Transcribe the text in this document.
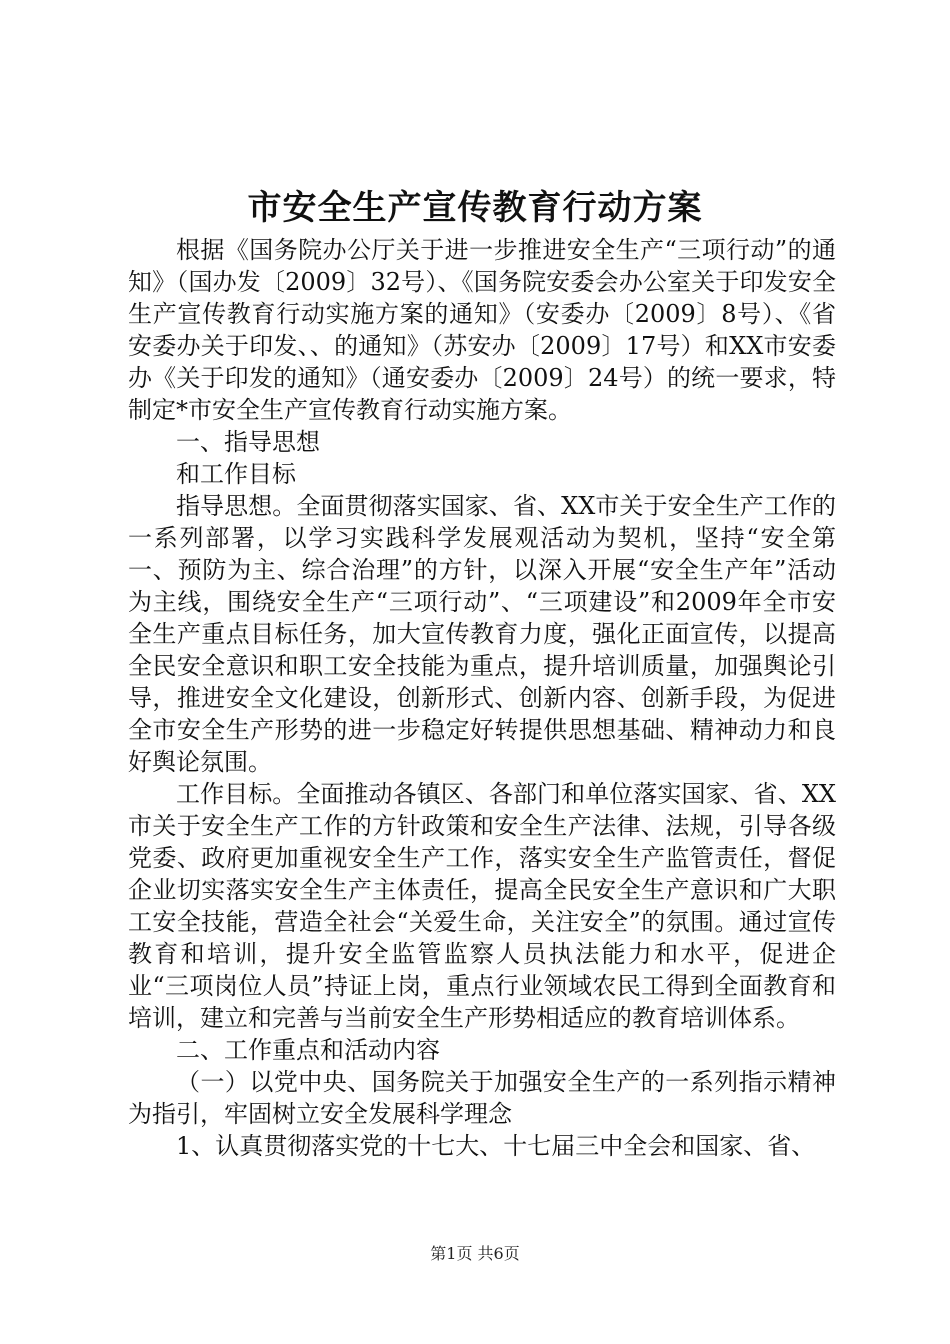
市安全生产宣传教育行动方案

根据《国务院办公厅关于进一步推进安全生产“三项行动”的通知》（国办发〔2009〕32号）、《国务院安委会办公室关于印发安全生产宣传教育行动实施方案的通知》（安委办〔2009〕8号）、《省安委办关于印发、、的通知》（苏安办〔2009〕17号）和XX市安委办《关于印发的通知》（通安委办〔2009〕24号）的统一要求，特制定*市安全生产宣传教育行动实施方案。

一、指导思想

和工作目标

指导思想。全面贯彻落实国家、省、XX市关于安全生产工作的一系列部署，以学习实践科学发展观活动为契机，坚持“安全第一、预防为主、综合治理”的方针，以深入开展“安全生产年”活动为主线，围绕安全生产“三项行动”、“三项建设”和2009年全市安全生产重点目标任务，加大宣传教育力度，强化正面宣传，以提高全民安全意识和职工安全技能为重点，提升培训质量，加强舆论引导，推进安全文化建设，创新形式、创新内容、创新手段，为促进全市安全生产形势的进一步稳定好转提供思想基础、精神动力和良好舆论氛围。

工作目标。全面推动各镇区、各部门和单位落实国家、省、XX市关于安全生产工作的方针政策和安全生产法律、法规，引导各级党委、政府更加重视安全生产工作，落实安全生产监管责任，督促企业切实落实安全生产主体责任，提高全民安全生产意识和广大职工安全技能，营造全社会“关爱生命，关注安全”的氛围。通过宣传教育和培训，提升安全监管监察人员执法能力和水平，促进企业“三项岗位人员”持证上岗，重点行业领域农民工得到全面教育和培训，建立和完善与当前安全生产形势相适应的教育培训体系。

二、工作重点和活动内容

（一）以党中央、国务院关于加强安全生产的一系列指示精神为指引，牢固树立安全发展科学理念

1、认真贯彻落实党的十七大、十七届三中全会和国家、省、

第1页 共6页
